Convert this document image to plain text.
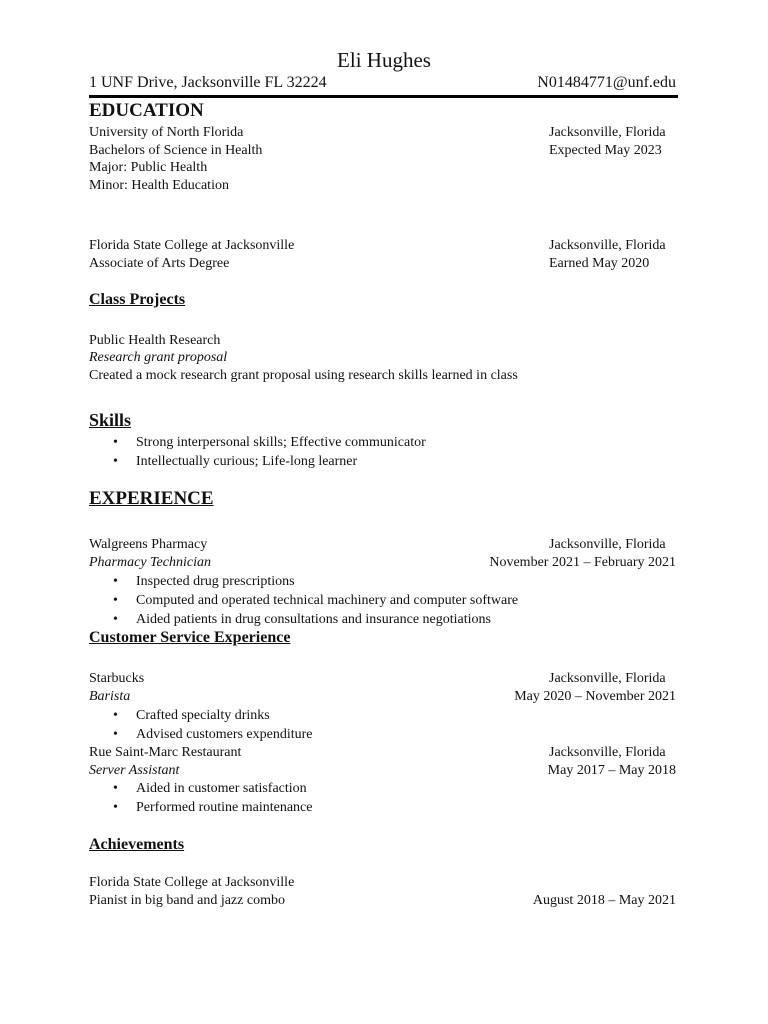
Eli Hughes
1 UNF Drive, Jacksonville FL 32224	N01484771@unf.edu
EDUCATION
University of North Florida	Jacksonville, Florida
Bachelors of Science in Health	Expected May 2023
Major: Public Health
Minor: Health Education
Florida State College at Jacksonville	Jacksonville, Florida
Associate of Arts Degree	Earned May 2020
Class Projects
Public Health Research
Research grant proposal
Created a mock research grant proposal using research skills learned in class
Skills
• Strong interpersonal skills; Effective communicator
• Intellectually curious; Life-long learner
EXPERIENCE
Walgreens Pharmacy	Jacksonville, Florida
Pharmacy Technician	November 2021 – February 2021
• Inspected drug prescriptions
• Computed and operated technical machinery and computer software
• Aided patients in drug consultations and insurance negotiations
Customer Service Experience
Starbucks	Jacksonville, Florida
Barista	May 2020 – November 2021
• Crafted specialty drinks
• Advised customers expenditure
Rue Saint-Marc Restaurant	Jacksonville, Florida
Server Assistant	May 2017 – May 2018
• Aided in customer satisfaction
• Performed routine maintenance
Achievements
Florida State College at Jacksonville
Pianist in big band and jazz combo	August 2018 – May 2021
